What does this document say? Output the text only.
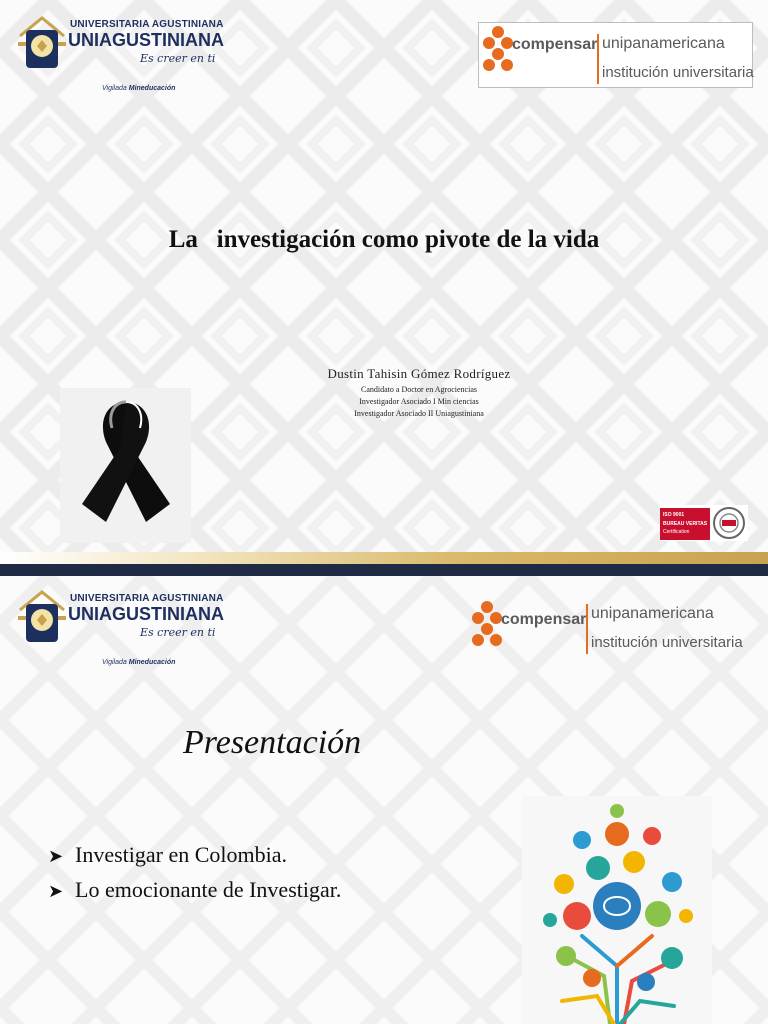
UNIVERSITARIA AGUSTINIANA
UNIAGUSTINIANA
Es creer en ti
Vigilada Mineducación
compensar unipanamericana
institución universitaria
La   investigación como pivote de la vida
Dustin Tahisin Gómez Rodríguez
Candidato a Doctor en Agrociencias
Investigador Asociado I Min ciencias
Investigador Asociado II Uniagustiniana
ISO 9001
BUREAU VERITAS
Certification
UNIVERSITARIA AGUSTINIANA
UNIAGUSTINIANA
Es creer en ti
Vigilada Mineducación
compensar unipanamericana
institución universitaria
Presentación
➤ Investigar en Colombia.
➤ Lo emocionante de Investigar.
